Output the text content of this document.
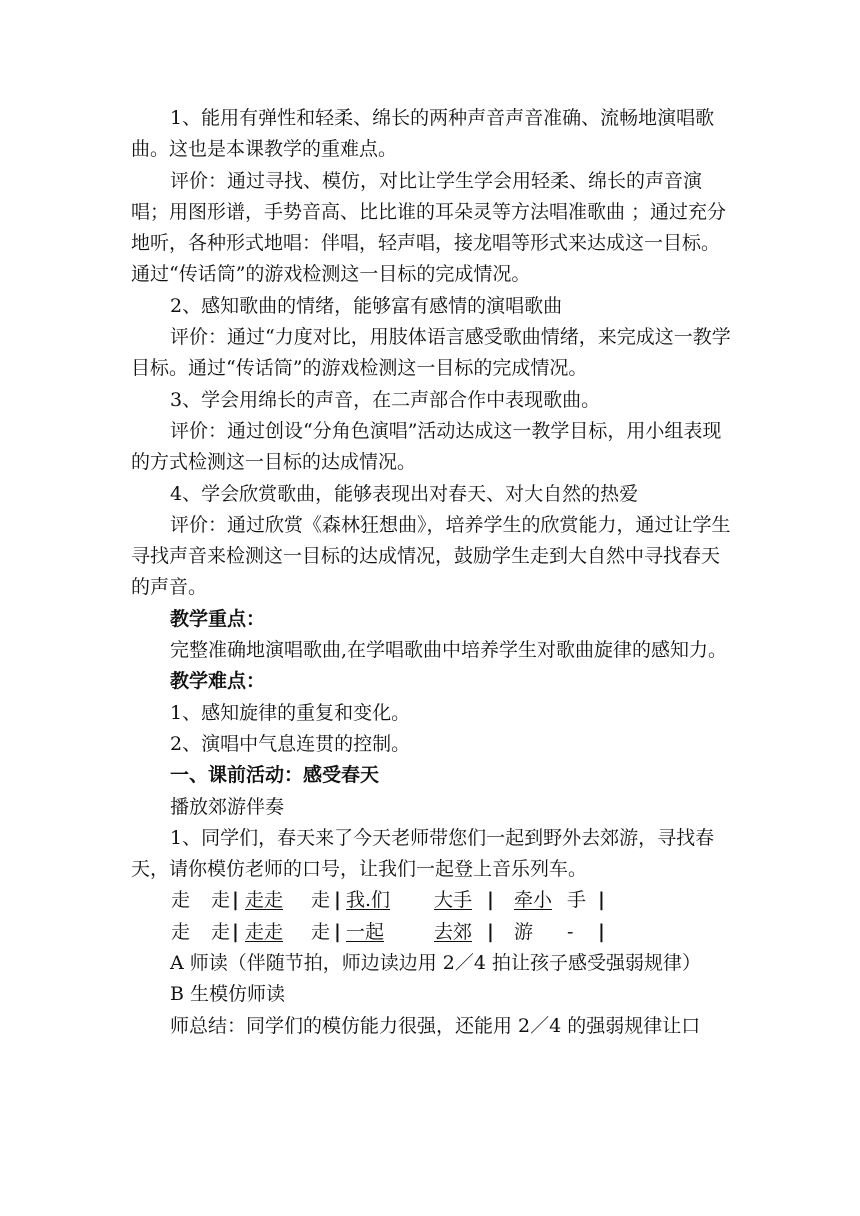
1、能用有弹性和轻柔、绵长的两种声音声音准确、流畅地演唱歌曲。这也是本课教学的重难点。

评价：通过寻找、模仿，对比让学生学会用轻柔、绵长的声音演唱；用图形谱，手势音高、比比谁的耳朵灵等方法唱准歌曲 ；通过充分地听，各种形式地唱：伴唱，轻声唱，接龙唱等形式来达成这一目标。通过“传话筒”的游戏检测这一目标的完成情况。

2、感知歌曲的情绪，能够富有感情的演唱歌曲

评价：通过“力度对比，用肢体语言感受歌曲情绪，来完成这一教学目标。通过“传话筒”的游戏检测这一目标的完成情况。

3、学会用绵长的声音，在二声部合作中表现歌曲。

评价：通过创设“分角色演唱”活动达成这一教学目标，用小组表现的方式检测这一目标的达成情况。

4、学会欣赏歌曲，能够表现出对春天、对大自然的热爱

评价：通过欣赏《森林狂想曲》，培养学生的欣赏能力，通过让学生寻找声音来检测这一目标的达成情况，鼓励学生走到大自然中寻找春天的声音。

教学重点：

完整准确地演唱歌曲,在学唱歌曲中培养学生对歌曲旋律的感知力。

教学难点：

1、感知旋律的重复和变化。

2、演唱中气息连贯的控制。

一、课前活动：感受春天

播放郊游伴奏

1、同学们，春天来了今天老师带您们一起到野外去郊游，寻找春天，请你模仿老师的口号，让我们一起登上音乐列车。

走 走 | 走走 走 | 我.们 大手 | 牵小 手 |
走 走 | 走走 走 | 一起	去郊 | 游 - |

A 师读（伴随节拍，师边读边用 2／4 拍让孩子感受强弱规律）

B 生模仿师读

师总结：同学们的模仿能力很强，还能用 2／4 的强弱规律让口
